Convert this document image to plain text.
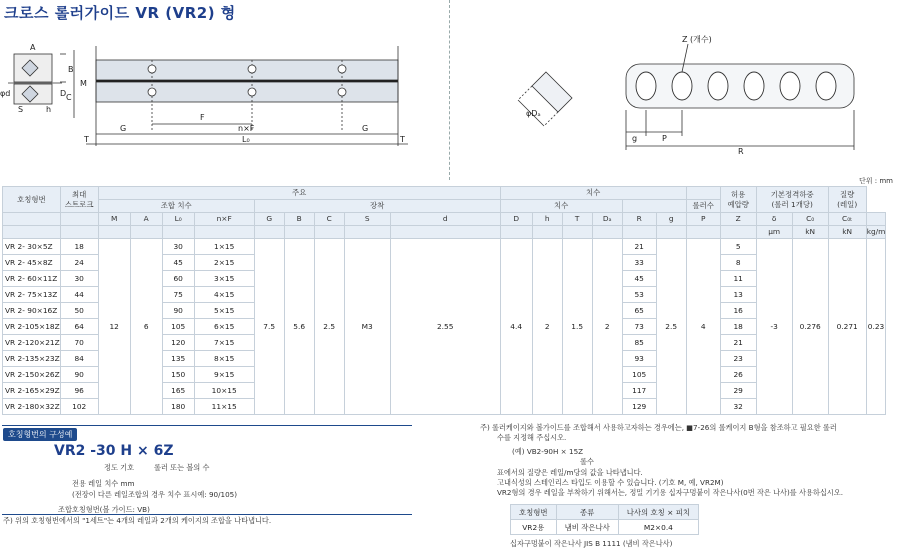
크로스 롤러가이드 VR (VR2) 형
A
B
M
D C
φd
S	h
F
n×F
G	G
T	L₀	T
Z (개수)
φDₐ
g	P
R
단위 : mm
호칭형번	최대
스트로크	주요									치수							허용
예압량	기본정격하중
(롤러 1개당)		질량
(레일)	
		조합 치수				장착					치수						롤러수					
		M	A	L₀	n×F	G	B	C	S	d	D	h	T	Dₐ	R	g	P	Z	δ	C₀	C₀ₜ	
																			μm	kN	kN	kg/m
VR 2- 30×5Z	18	12	6	30	1×15	7.5	5.6	2.5	M3	2.55	4.4	2	1.5	2	21	2.5	4	5	-3	0.276	0.271	0.23
VR 2- 45×8Z	24			45	2×15										33			8				
VR 2- 60×11Z	30			60	3×15										45			11				
VR 2- 75×13Z	44			75	4×15										53			13				
VR 2- 90×16Z	50			90	5×15										65			16				
VR 2-105×18Z	64			105	6×15										73			18				
VR 2-120×21Z	70			120	7×15										85			21				
VR 2-135×23Z	84			135	8×15										93			23				
VR 2-150×26Z	90			150	9×15										105			26				
VR 2-165×29Z	96			165	10×15										117			29				
VR 2-180×32Z	102			180	11×15										129			32				
호칭형번의 구성예
VR2 -30 H × 6Z
정도 기호	롤러 또는 볼의 수
전용 레일 치수 mm
(전장이 다른 레일조합의 경우 치수 표시예: 90/105)
조합호칭형번(볼 가이드: VB)
주) 위의 호칭형번에서의 "1세트"는 4개의 레일과 2개의 케이지의 조합을 나타냅니다.
주) 롤러케이지와 볼가이드를 조합해서 사용하고자하는 경우에는, ■7-26의 롤케이지 B형을 참조하고 필요한 롤러
수를 지정해 주십시오.
(예) VB2-90H × 15Z
롤수
표에서의 질량은 레일/m당의 값을 나타냅니다.
고내식성의 스테인리스 타입도 이용할 수 있습니다. (기호 M, 예, VR2M)
VR2형의 경우 레일을 부착하기 위해서는, 정밀 기기용 십자구멍붙이 작은나사(0번 작은 나사)를 사용하십시오.
호칭형번	종류	나사의 호칭 × 피치
VR2용	냄비 작은나사	M2×0.4
십자구멍붙이 작은나사 JIS B 1111 (냄비 작은나사)
